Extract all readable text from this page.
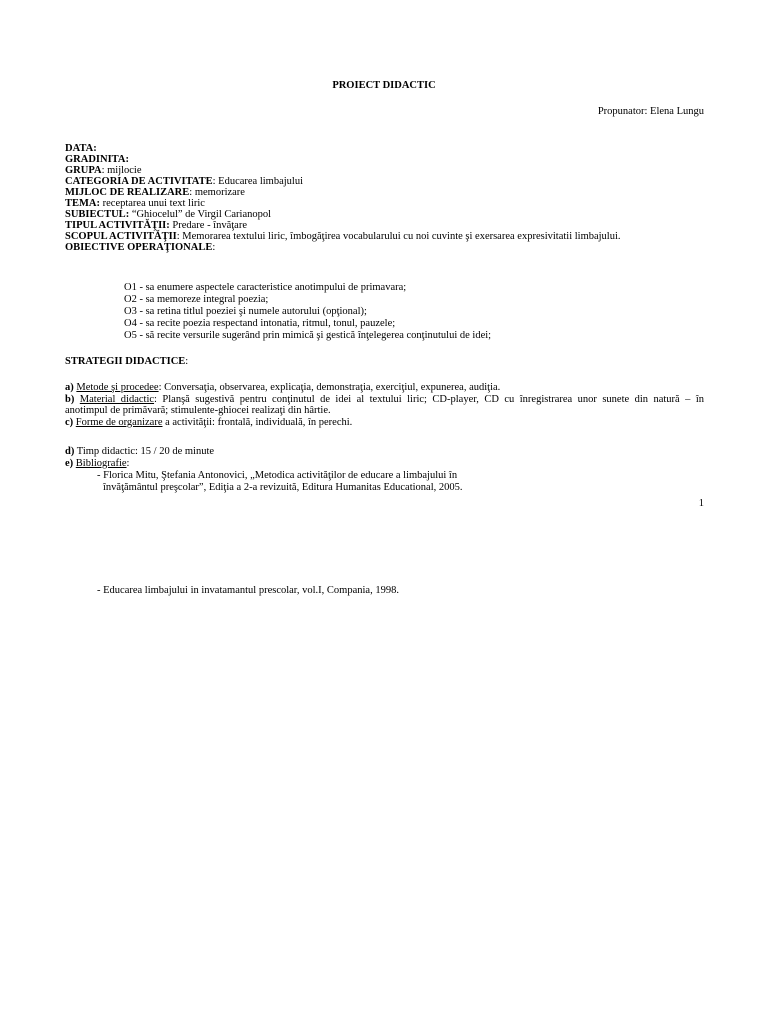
PROIECT DIDACTIC
Propunator: Elena Lungu
DATA:
GRADINITA:
GRUPA: mijlocie
CATEGORIA DE ACTIVITATE: Educarea limbajului
MIJLOC DE REALIZARE: memorizare
TEMA: receptarea unui text liric
SUBIECTUL: “Ghiocelul” de Virgil Carianopol
TIPUL ACTIVITĂŢII: Predare - învăţare
SCOPUL ACTIVITĂŢII: Memorarea textului liric, îmbogăţirea vocabularului cu noi cuvinte şi exersarea expresivitatii limbajului.
OBIECTIVE OPERAŢIONALE:
O1 - sa enumere aspectele caracteristice anotimpului de primavara;
O2 - sa memoreze integral poezia;
O3 - sa retina titlul poeziei şi numele autorului (opţional);
O4 - sa recite poezia respectand intonatia, ritmul, tonul, pauzele;
O5 - să recite versurile sugerând prin mimică şi gestică înţelegerea conţinutului de idei;
STRATEGII DIDACTICE:
a) Metode şi procedee: Conversaţia, observarea, explicaţia, demonstraţia, exerciţiul, expunerea, audiţia.
b) Material didactic: Planşă sugestivă pentru conţinutul de idei al textului liric; CD-player, CD cu înregistrarea unor sunete din natură – în
anotimpul de primăvară; stimulente-ghiocei realizaţi din hârtie.
c) Forme de organizare a activităţii: frontală, individuală, în perechi.
d) Timp didactic: 15 / 20 de minute
e) Bibliografie:
- Florica Mitu, Ştefania Antonovici, „Metodica activităţilor de educare a limbajului în
învăţământul preşcolar”, Ediţia a 2-a revizuită, Editura Humanitas Educational, 2005.
1
- Educarea limbajului in invatamantul prescolar, vol.I, Compania, 1998.
